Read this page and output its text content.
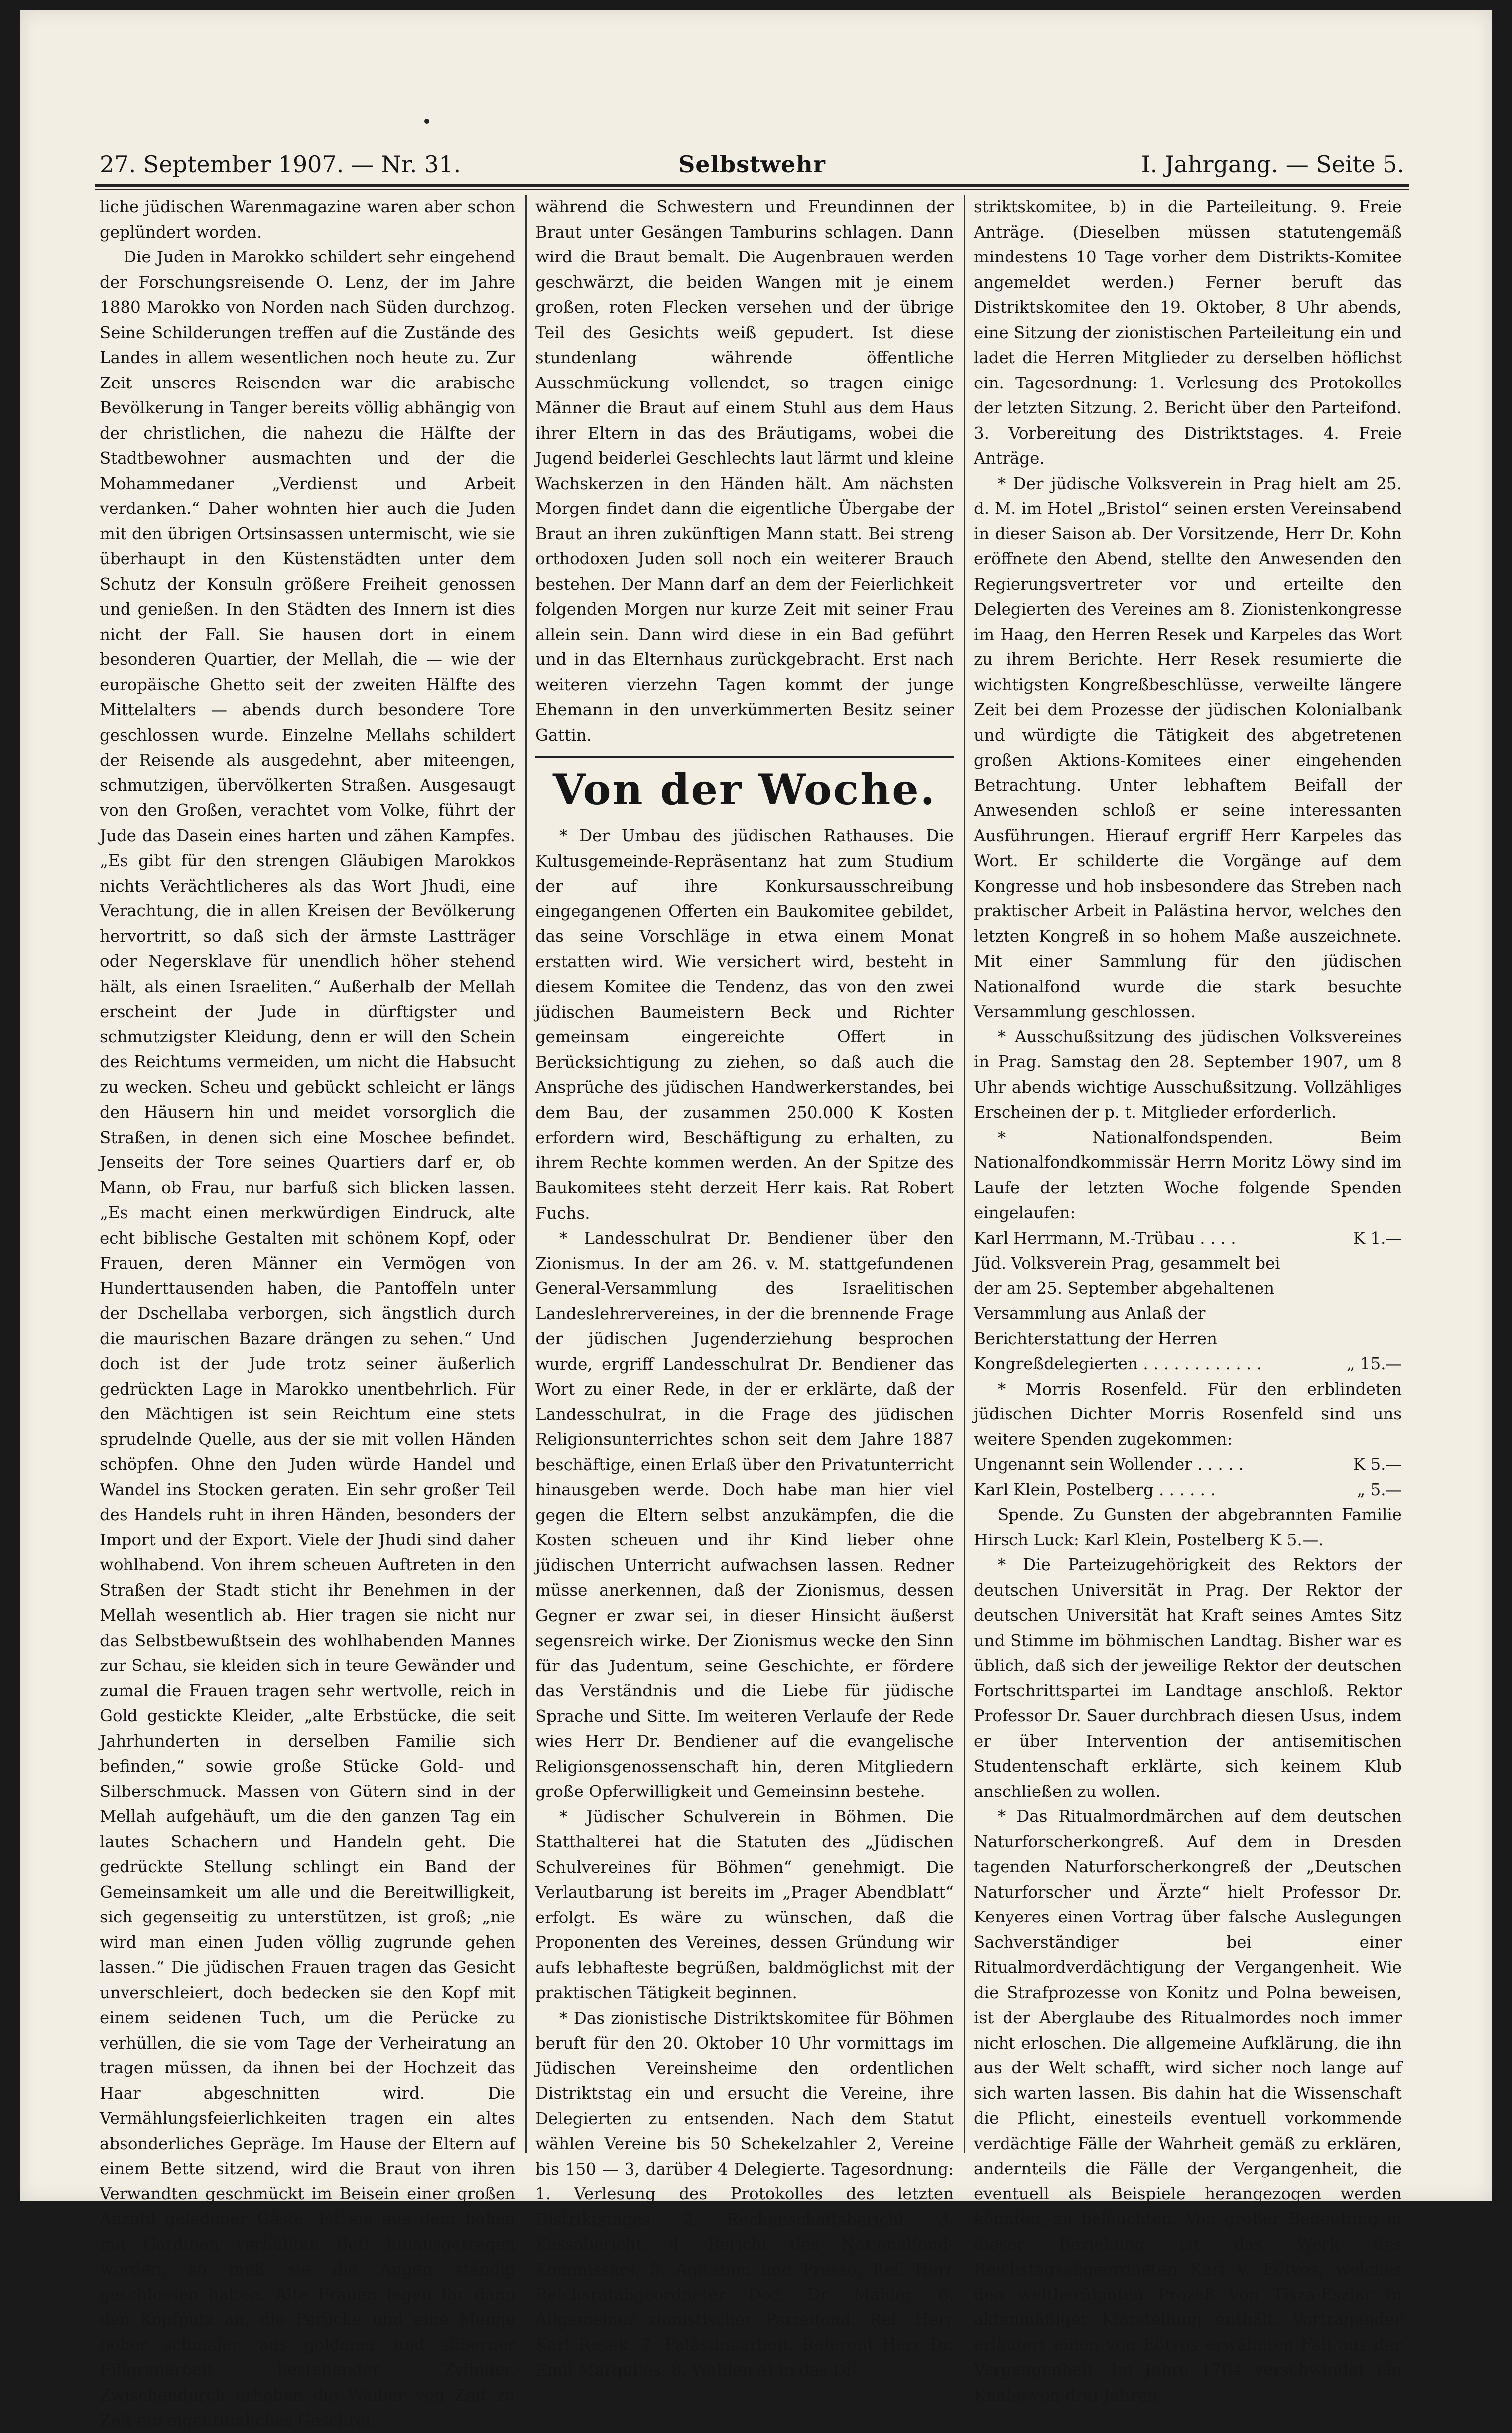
27. September 1907. — Nr. 31.	Selbstwehr	I. Jahrgang. — Seite 5.

liche jüdischen Warenmagazine waren aber schon geplündert worden.

Die Juden in Marokko schildert sehr eingehend der Forschungsreisende O. Lenz, der im Jahre 1880 Marokko von Norden nach Süden durchzog. Seine Schilderungen treffen auf die Zustände des Landes in allem wesentlichen noch heute zu. Zur Zeit unseres Reisenden war die arabische Bevölkerung in Tanger bereits völlig abhängig von der christlichen, die nahezu die Hälfte der Stadtbewohner ausmachten und der die Mohammedaner „Verdienst und Arbeit verdanken.“ Daher wohnten hier auch die Juden mit den übrigen Ortsinsassen untermischt, wie sie überhaupt in den Küstenstädten unter dem Schutz der Konsuln größere Freiheit genossen und genießen. In den Städten des Innern ist dies nicht der Fall. Sie hausen dort in einem besonderen Quartier, der Mellah, die — wie der europäische Ghetto seit der zweiten Hälfte des Mittelalters — abends durch besondere Tore geschlossen wurde. Einzelne Mellahs schildert der Reisende als ausgedehnt, aber miteengen, schmutzigen, übervölkerten Straßen. Ausgesaugt von den Großen, verachtet vom Volke, führt der Jude das Dasein eines harten und zähen Kampfes. „Es gibt für den strengen Gläubigen Marokkos nichts Verächtlicheres als das Wort Jhudi, eine Verachtung, die in allen Kreisen der Bevölkerung hervortritt, so daß sich der ärmste Lastträger oder Negersklave für unendlich höher stehend hält, als einen Israeliten.“ Außerhalb der Mellah erscheint der Jude in dürftigster und schmutzigster Kleidung, denn er will den Schein des Reichtums vermeiden, um nicht die Habsucht zu wecken. Scheu und gebückt schleicht er längs den Häusern hin und meidet vorsorglich die Straßen, in denen sich eine Moschee befindet. Jenseits der Tore seines Quartiers darf er, ob Mann, ob Frau, nur barfuß sich blicken lassen. „Es macht einen merkwürdigen Eindruck, alte echt biblische Gestalten mit schönem Kopf, oder Frauen, deren Männer ein Vermögen von Hunderttausenden haben, die Pantoffeln unter der Dschellaba verborgen, sich ängstlich durch die maurischen Bazare drängen zu sehen.“ Und doch ist der Jude trotz seiner äußerlich gedrückten Lage in Marokko unentbehrlich. Für den Mächtigen ist sein Reichtum eine stets sprudelnde Quelle, aus der sie mit vollen Händen schöpfen. Ohne den Juden würde Handel und Wandel ins Stocken geraten. Ein sehr großer Teil des Handels ruht in ihren Händen, besonders der Import und der Export. Viele der Jhudi sind daher wohlhabend. Von ihrem scheuen Auftreten in den Straßen der Stadt sticht ihr Benehmen in der Mellah wesentlich ab. Hier tragen sie nicht nur das Selbstbewußtsein des wohlhabenden Mannes zur Schau, sie kleiden sich in teure Gewänder und zumal die Frauen tragen sehr wertvolle, reich in Gold gestickte Kleider, „alte Erbstücke, die seit Jahrhunderten in derselben Familie sich befinden,“ sowie große Stücke Gold- und Silberschmuck. Massen von Gütern sind in der Mellah aufgehäuft, um die den ganzen Tag ein lautes Schachern und Handeln geht. Die gedrückte Stellung schlingt ein Band der Gemeinsamkeit um alle und die Bereitwilligkeit, sich gegenseitig zu unterstützen, ist groß; „nie wird man einen Juden völlig zugrunde gehen lassen.“ Die jüdischen Frauen tragen das Gesicht unverschleiert, doch bedecken sie den Kopf mit einem seidenen Tuch, um die Perücke zu verhüllen, die sie vom Tage der Verheiratung an tragen müssen, da ihnen bei der Hochzeit das Haar abgeschnitten wird. Die Vermählungsfeierlichkeiten tragen ein altes absonderliches Gepräge. Im Hause der Eltern auf einem Bette sitzend, wird die Braut von ihren Verwandten geschmückt im Beisein einer großen Anzahl geladener Gäste. Ist sie aus dem hohen mit Gardinen verhüllten Bett hinausgetragen worden, so muß sie die Augen ständig geschlossen halten. Alte Frauen legen ihr dann den Kopfputz an, die Perücke und eine Menge hoher schmaler, aus goldener und silberner Filigranarbeit bestehender Zylinder. Zwischendurch erheben die Weiber von Zeit zu Zeit ein eigentümliches Geschrei,

während die Schwestern und Freundinnen der Braut unter Gesängen Tamburins schlagen. Dann wird die Braut bemalt. Die Augenbrauen werden geschwärzt, die beiden Wangen mit je einem großen, roten Flecken versehen und der übrige Teil des Gesichts weiß gepudert. Ist diese stundenlang währende öffentliche Ausschmückung vollendet, so tragen einige Männer die Braut auf einem Stuhl aus dem Haus ihrer Eltern in das des Bräutigams, wobei die Jugend beiderlei Geschlechts laut lärmt und kleine Wachskerzen in den Händen hält. Am nächsten Morgen findet dann die eigentliche Übergabe der Braut an ihren zukünftigen Mann statt. Bei streng orthodoxen Juden soll noch ein weiterer Brauch bestehen. Der Mann darf an dem der Feierlichkeit folgenden Morgen nur kurze Zeit mit seiner Frau allein sein. Dann wird diese in ein Bad geführt und in das Elternhaus zurückgebracht. Erst nach weiteren vierzehn Tagen kommt der junge Ehemann in den unverkümmerten Besitz seiner Gattin.

Von der Woche.

* Der Umbau des jüdischen Rathauses. Die Kultusgemeinde-Repräsentanz hat zum Studium der auf ihre Konkursausschreibung eingegangenen Offerten ein Baukomitee gebildet, das seine Vorschläge in etwa einem Monat erstatten wird. Wie versichert wird, besteht in diesem Komitee die Tendenz, das von den zwei jüdischen Baumeistern Beck und Richter gemeinsam eingereichte Offert in Berücksichtigung zu ziehen, so daß auch die Ansprüche des jüdischen Handwerkerstandes, bei dem Bau, der zusammen 250.000 K Kosten erfordern wird, Beschäftigung zu erhalten, zu ihrem Rechte kommen werden. An der Spitze des Baukomitees steht derzeit Herr kais. Rat Robert Fuchs.

* Landesschulrat Dr. Bendiener über den Zionismus. In der am 26. v. M. stattgefundenen General-Versammlung des Israelitischen Landeslehrervereines, in der die brennende Frage der jüdischen Jugenderziehung besprochen wurde, ergriff Landesschulrat Dr. Bendiener das Wort zu einer Rede, in der er erklärte, daß der Landesschulrat, in die Frage des jüdischen Religionsunterrichtes schon seit dem Jahre 1887 beschäftige, einen Erlaß über den Privatunterricht hinausgeben werde. Doch habe man hier viel gegen die Eltern selbst anzukämpfen, die die Kosten scheuen und ihr Kind lieber ohne jüdischen Unterricht aufwachsen lassen. Redner müsse anerkennen, daß der Zionismus, dessen Gegner er zwar sei, in dieser Hinsicht äußerst segensreich wirke. Der Zionismus wecke den Sinn für das Judentum, seine Geschichte, er fördere das Verständnis und die Liebe für jüdische Sprache und Sitte. Im weiteren Verlaufe der Rede wies Herr Dr. Bendiener auf die evangelische Religionsgenossenschaft hin, deren Mitgliedern große Opferwilligkeit und Gemeinsinn bestehe.

* Jüdischer Schulverein in Böhmen. Die Statthalterei hat die Statuten des „Jüdischen Schulvereines für Böhmen“ genehmigt. Die Verlautbarung ist bereits im „Prager Abendblatt“ erfolgt. Es wäre zu wünschen, daß die Proponenten des Vereines, dessen Gründung wir aufs lebhafteste begrüßen, baldmöglichst mit der praktischen Tätigkeit beginnen.

* Das zionistische Distriktskomitee für Böhmen beruft für den 20. Oktober 10 Uhr vormittags im Jüdischen Vereinsheime den ordentlichen Distriktstag ein und ersucht die Vereine, ihre Delegierten zu entsenden. Nach dem Statut wählen Vereine bis 50 Schekelzahler 2, Vereine bis 150 — 3, darüber 4 Delegierte. Tagesordnung: 1. Verlesung des Protokolles des letzten Distriktstages. 2. Rechenschaftsbericht. 3. Kassabericht. 4. Bericht des Nationalfond-Kommissärs. 5. Agitation und Presse. Ref. Herr Reichsratabgeordneter Doc. Dr. Mahler. 6. Allgemeiner zionistischer Parteifond. Ref. Herr Karl Resek. 7. Palästinaarbeit. Referent Herr Dr. Emil Margulies. 8. Wahlen a) in das Di-

striktskomitee, b) in die Parteileitung. 9. Freie Anträge. (Dieselben müssen statutengemäß mindestens 10 Tage vorher dem Distrikts-Komitee angemeldet werden.) Ferner beruft das Distriktskomitee den 19. Oktober, 8 Uhr abends, eine Sitzung der zionistischen Parteileitung ein und ladet die Herren Mitglieder zu derselben höflichst ein. Tagesordnung: 1. Verlesung des Protokolles der letzten Sitzung. 2. Bericht über den Parteifond. 3. Vorbereitung des Distriktstages. 4. Freie Anträge.

* Der jüdische Volksverein in Prag hielt am 25. d. M. im Hotel „Bristol“ seinen ersten Vereinsabend in dieser Saison ab. Der Vorsitzende, Herr Dr. Kohn eröffnete den Abend, stellte den Anwesenden den Regierungsvertreter vor und erteilte den Delegierten des Vereines am 8. Zionistenkongresse im Haag, den Herren Resek und Karpeles das Wort zu ihrem Berichte. Herr Resek resumierte die wichtigsten Kongreßbeschlüsse, verweilte längere Zeit bei dem Prozesse der jüdischen Kolonialbank und würdigte die Tätigkeit des abgetretenen großen Aktions-Komitees einer eingehenden Betrachtung. Unter lebhaftem Beifall der Anwesenden schloß er seine interessanten Ausführungen. Hierauf ergriff Herr Karpeles das Wort. Er schilderte die Vorgänge auf dem Kongresse und hob insbesondere das Streben nach praktischer Arbeit in Palästina hervor, welches den letzten Kongreß in so hohem Maße auszeichnete. Mit einer Sammlung für den jüdischen Nationalfond wurde die stark besuchte Versammlung geschlossen.

* Ausschußsitzung des jüdischen Volksvereines in Prag. Samstag den 28. September 1907, um 8 Uhr abends wichtige Ausschußsitzung. Vollzähliges Erscheinen der p. t. Mitglieder erforderlich.

* Nationalfondspenden. Beim Nationalfondkommissär Herrn Moritz Löwy sind im Laufe der letzten Woche folgende Spenden eingelaufen:

Karl Herrmann, M.-Trübau . . . .	K 1.—
Jüd. Volksverein Prag, gesammelt bei der am 25. September abgehaltenen Versammlung aus Anlaß der Berichterstattung der Herren Kongreßdelegierten . . . . . . . . . . . .	„ 15.—

* Morris Rosenfeld. Für den erblindeten jüdischen Dichter Morris Rosenfeld sind uns weitere Spenden zugekommen:

Ungenannt sein Wollender . . . . .	K 5.—
Karl Klein, Postelberg . . . . . .	„ 5.—

Spende. Zu Gunsten der abgebrannten Familie Hirsch Luck: Karl Klein, Postelberg K 5.—.

* Die Parteizugehörigkeit des Rektors der deutschen Universität in Prag. Der Rektor der deutschen Universität hat Kraft seines Amtes Sitz und Stimme im böhmischen Landtag. Bisher war es üblich, daß sich der jeweilige Rektor der deutschen Fortschrittspartei im Landtage anschloß. Rektor Professor Dr. Sauer durchbrach diesen Usus, indem er über Intervention der antisemitischen Studentenschaft erklärte, sich keinem Klub anschließen zu wollen.

* Das Ritualmordmärchen auf dem deutschen Naturforscherkongreß. Auf dem in Dresden tagenden Naturforscherkongreß der „Deutschen Naturforscher und Ärzte“ hielt Professor Dr. Kenyeres einen Vortrag über falsche Auslegungen Sachverständiger bei einer Ritualmordverdächtigung der Vergangenheit. Wie die Strafprozesse von Konitz und Polna beweisen, ist der Aberglaube des Ritualmordes noch immer nicht erloschen. Die allgemeine Aufklärung, die ihn aus der Welt schafft, wird sicher noch lange auf sich warten lassen. Bis dahin hat die Wissenschaft die Pflicht, einesteils eventuell vorkommende verdächtige Fälle der Wahrheit gemäß zu erklären, andernteils die Fälle der Vergangenheit, die eventuell als Beispiele herangezogen werden könnten, zu beleuchten. Von großer Bedeutung in dieser Beziehung ist das Werk des Reichstagsabgeordneten Karl v. Eötvös, welches den weltberühmten Prozeß von Tisza-Eszlar in aktenmäßiger Klarstellung enthält. Vortragender erläutert einen von Eötvös erwähnten Fall aus der Vergangenheit. Im Jahre 1764 verschwindet ein Knabe von drei Jahren
